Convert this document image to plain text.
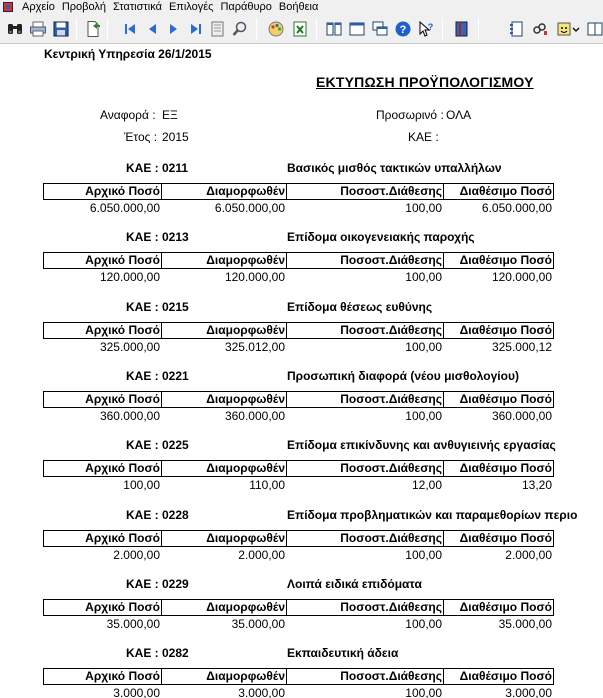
Αρχείο Προβολή Στατιστικά Επιλογές Παράθυρο Βοήθεια
? ?
Κεντρική Υπηρεσία 26/1/2015
ΕΚΤΥΠΩΣΗ ΠΡΟΫΠΟΛΟΓΙΣΜΟΥ
Αναφορά : ΕΞ	Προσωρινό : ΟΛΑ
Έτος : 2015	ΚΑΕ :
ΚΑΕ : 0211	Βασικός μισθός τακτικών υπαλλήλων
Αρχικό Ποσό	Διαμορφωθέν	Ποσοστ.Διάθεσης	Διαθέσιμο Ποσό
6.050.000,00	6.050.000,00	100,00	6.050.000,00
ΚΑΕ : 0213	Επίδομα οικογενειακής παροχής
Αρχικό Ποσό	Διαμορφωθέν	Ποσοστ.Διάθεσης	Διαθέσιμο Ποσό
120.000,00	120.000,00	100,00	120.000,00
ΚΑΕ : 0215	Επίδομα θέσεως ευθύνης
Αρχικό Ποσό	Διαμορφωθέν	Ποσοστ.Διάθεσης	Διαθέσιμο Ποσό
325.000,00	325.012,00	100,00	325.000,12
ΚΑΕ : 0221	Προσωπική διαφορά (νέου μισθολογίου)
Αρχικό Ποσό	Διαμορφωθέν	Ποσοστ.Διάθεσης	Διαθέσιμο Ποσό
360.000,00	360.000,00	100,00	360.000,00
ΚΑΕ : 0225	Επίδομα επικίνδυνης και ανθυγιεινής εργασίας
Αρχικό Ποσό	Διαμορφωθέν	Ποσοστ.Διάθεσης	Διαθέσιμο Ποσό
100,00	110,00	12,00	13,20
ΚΑΕ : 0228	Επίδομα προβληματικών και παραμεθορίων περιο
Αρχικό Ποσό	Διαμορφωθέν	Ποσοστ.Διάθεσης	Διαθέσιμο Ποσό
2.000,00	2.000,00	100,00	2.000,00
ΚΑΕ : 0229	Λοιπά ειδικά επιδόματα
Αρχικό Ποσό	Διαμορφωθέν	Ποσοστ.Διάθεσης	Διαθέσιμο Ποσό
35.000,00	35.000,00	100,00	35.000,00
ΚΑΕ : 0282	Εκπαιδευτική άδεια
Αρχικό Ποσό	Διαμορφωθέν	Ποσοστ.Διάθεσης	Διαθέσιμο Ποσό
3.000,00	3.000,00	100,00	3.000,00
